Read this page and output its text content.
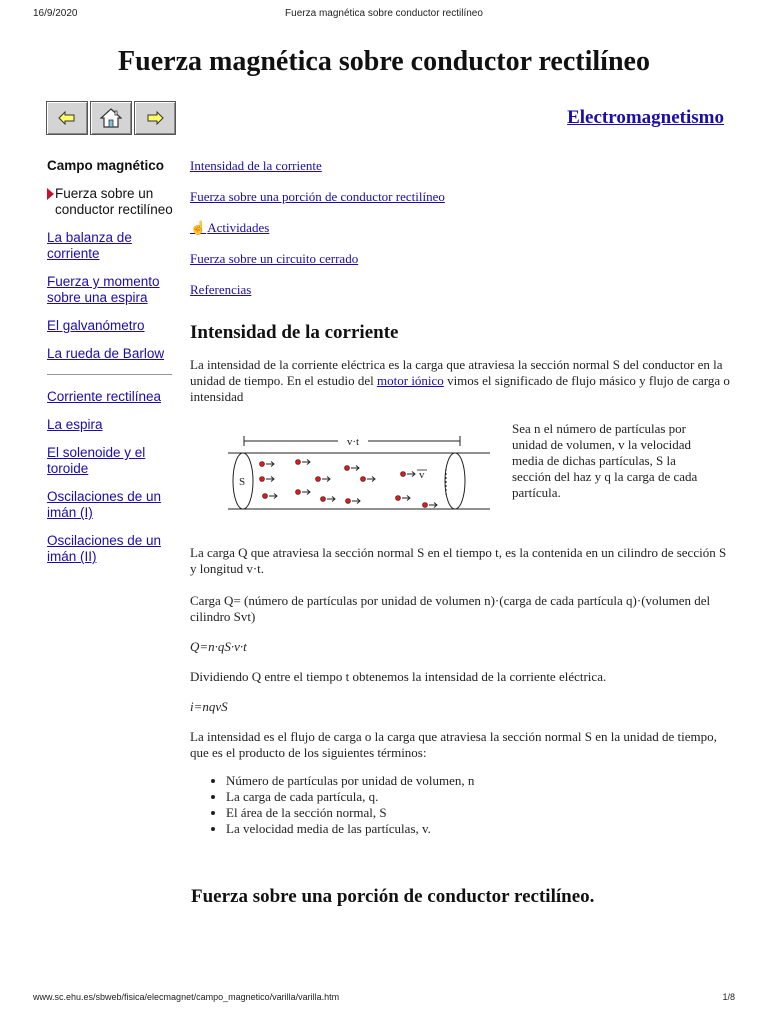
16/9/2020	Fuerza magnética sobre conductor rectilíneo
Fuerza magnética sobre conductor rectilíneo
Electromagnetismo
Campo magnético
Fuerza sobre un conductor rectilíneo
La balanza de corriente
Fuerza y momento sobre una espira
El galvanómetro
La rueda de Barlow
Corriente rectilínea
La espira
El solenoide y el toroide
Oscilaciones de un imán (I)
Oscilaciones de un imán (II)
Intensidad de la corriente
Fuerza sobre una porción de conductor rectilíneo
☝Actividades
Fuerza sobre un circuito cerrado
Referencias
Intensidad de la corriente

La intensidad de la corriente eléctrica es la carga que atraviesa la sección normal S del conductor en la unidad de tiempo. En el estudio del motor iónico vimos el significado de flujo másico y flujo de carga o intensidad

v·t
S
v

Sea n el número de partículas por unidad de volumen, v la velocidad media de dichas partículas, S la sección del haz y q la carga de cada partícula.

La carga Q que atraviesa la sección normal S en el tiempo t, es la contenida en un cilindro de sección S y longitud v·t.

Carga Q= (número de partículas por unidad de volumen n)·(carga de cada partícula q)·(volumen del cilindro Svt)

Q=n·qS·v·t

Dividiendo Q entre el tiempo t obtenemos la intensidad de la corriente eléctrica.

i=nqvS

La intensidad es el flujo de carga o la carga que atraviesa la sección normal S en la unidad de tiempo, que es el producto de los siguientes términos:

• Número de partículas por unidad de volumen, n
• La carga de cada partícula, q.
• El área de la sección normal, S
• La velocidad media de las partículas, v.
Fuerza sobre una porción de conductor rectilíneo.
www.sc.ehu.es/sbweb/fisica/elecmagnet/campo_magnetico/varilla/varilla.htm	1/8
